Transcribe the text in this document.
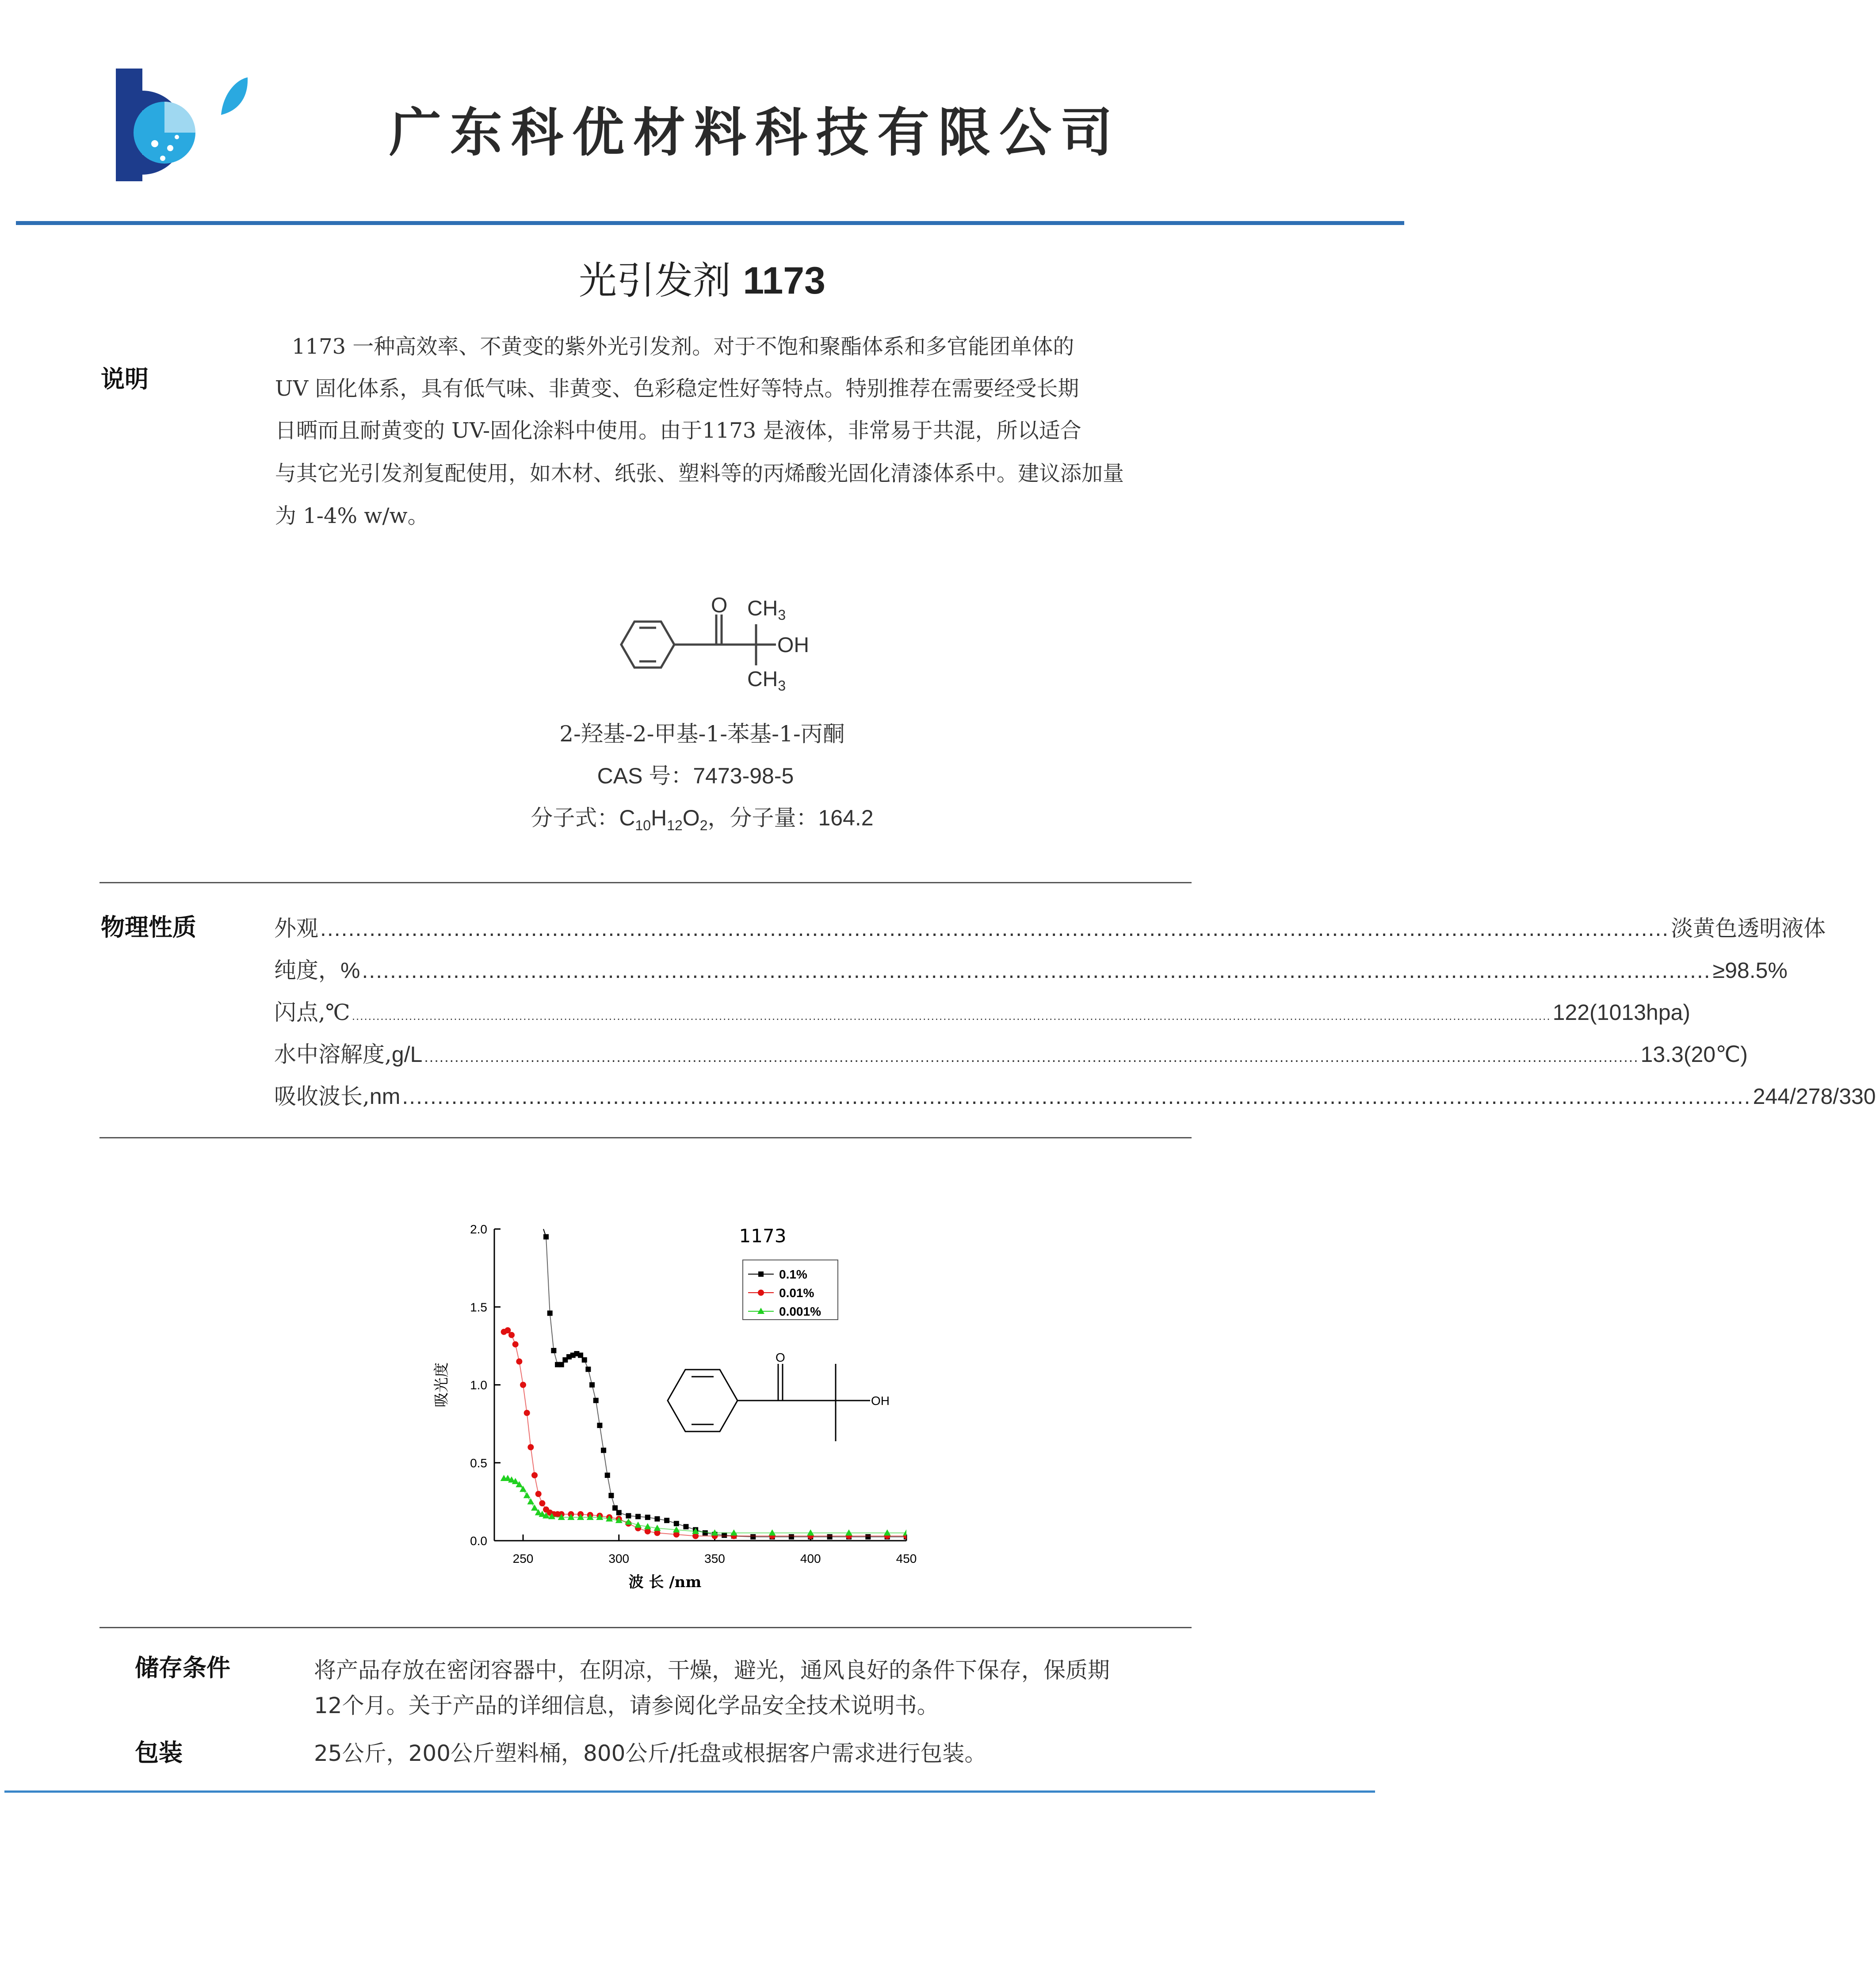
广东科优材料科技有限公司
光引发剂 1173
说明
1173 一种高效率、不黄变的紫外光引发剂。对于不饱和聚酯体系和多官能团单体的
UV 固化体系，具有低气味、非黄变、色彩稳定性好等特点。特别推荐在需要经受长期
日晒而且耐黄变的 UV-固化涂料中使用。由于1173 是液体，非常易于共混，所以适合
与其它光引发剂复配使用，如木材、纸张、塑料等的丙烯酸光固化清漆体系中。建议添加量
为 1-4% w/w。
O $CH_3$
OH
$CH_3$
2-羟基-2-甲基-1-苯基-1-丙酮
CAS 号：7473-98-5
分子式：$C_{10}H_{12}O_2$，分子量：164.2
物理性质	外观 ................................................................................................................................................................................................ 淡黄色透明液体
纯度，% ................................................................................................................................................................................................ ≥98.5%
闪点,℃ ...................................................................................................................................................................................................................................................................................................... 122(1013hpa)
水中溶解度,g/L ................................................................................................................................................................................................................................................ 13.3(20℃)
吸收波长,nm ................................................................................................................................................................................................ 244/278/330
250	300	350	400	450
0.0
0.5
1.0
1.5
2.0
波 长 /nm
吸光度
1173
0.1%
0.01%
0.001%
O
OH
储存条件	将产品存放在密闭容器中，在阴凉，干燥，避光，通风良好的条件下保存，保质期
12个月。关于产品的详细信息，请参阅化学品安全技术说明书。
包装	25公斤，200公斤塑料桶，800公斤/托盘或根据客户需求进行包装。
